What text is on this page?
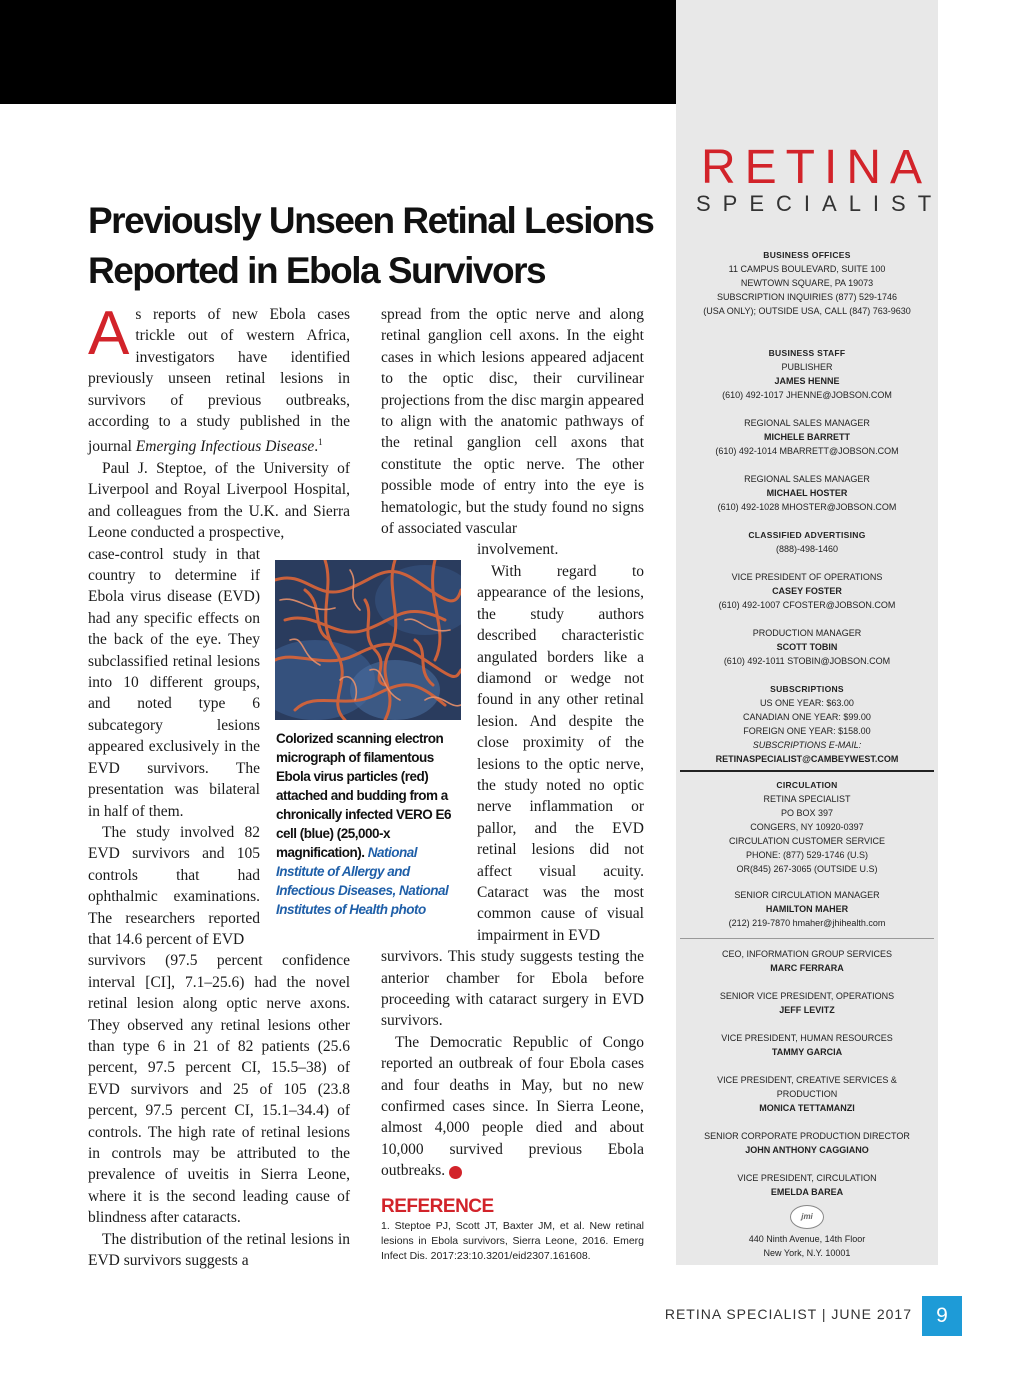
RETINA
SPECIALIST
BUSINESS OFFICES
11 CAMPUS BOULEVARD, SUITE 100
NEWTOWN SQUARE, PA 19073
SUBSCRIPTION INQUIRIES (877) 529-1746
(USA ONLY); OUTSIDE USA, CALL (847) 763-9630
BUSINESS STAFF
PUBLISHER
JAMES HENNE
(610) 492-1017 JHENNE@JOBSON.COM
REGIONAL SALES MANAGER
MICHELE BARRETT
(610) 492-1014 MBARRETT@JOBSON.COM
REGIONAL SALES MANAGER
MICHAEL HOSTER
(610) 492-1028 MHOSTER@JOBSON.COM
CLASSIFIED ADVERTISING
(888)-498-1460
VICE PRESIDENT OF OPERATIONS
CASEY FOSTER
(610) 492-1007 CFOSTER@JOBSON.COM
PRODUCTION MANAGER
SCOTT TOBIN
(610) 492-1011 STOBIN@JOBSON.COM
SUBSCRIPTIONS
US ONE YEAR: $63.00
CANADIAN ONE YEAR: $99.00
FOREIGN ONE YEAR: $158.00
SUBSCRIPTIONS E-MAIL:
RETINASPECIALIST@CAMBEYWEST.COM
CIRCULATION
RETINA SPECIALIST
PO BOX 397
CONGERS, NY 10920-0397
CIRCULATION CUSTOMER SERVICE
PHONE: (877) 529-1746 (U.S)
OR(845) 267-3065 (OUTSIDE U.S)
SENIOR CIRCULATION MANAGER
HAMILTON MAHER
(212) 219-7870 hmaher@jhihealth.com
CEO, INFORMATION GROUP SERVICES
MARC FERRARA
SENIOR VICE PRESIDENT, OPERATIONS
JEFF LEVITZ
VICE PRESIDENT, HUMAN RESOURCES
TAMMY GARCIA
VICE PRESIDENT, CREATIVE SERVICES & PRODUCTION
MONICA TETTAMANZI
SENIOR CORPORATE PRODUCTION DIRECTOR
JOHN ANTHONY CAGGIANO
VICE PRESIDENT, CIRCULATION
EMELDA BAREA
jmi
440 Ninth Avenue, 14th Floor
New York, N.Y. 10001
Previously Unseen Retinal Lesions
Reported in Ebola Survivors

As reports of new Ebola cases trickle out of western Africa, investigators have identified previously unseen retinal lesions in survivors of previous outbreaks, according to a study published in the journal Emerging Infectious Disease.$^1$

Paul J. Steptoe, of the University of Liverpool and Royal Liverpool Hospital, and colleagues from the U.K. and Sierra Leone conducted a prospective,

case-control study in that country to determine if Ebola virus disease (EVD) had any specific effects on the back of the eye. They subclassified retinal lesions into 10 different groups, and noted type 6 subcategory lesions appeared exclusively in the EVD survivors. The presentation was bilateral in half of them.

The study involved 82 EVD survivors and 105 controls that had ophthalmic examinations. The researchers reported that 14.6 percent of EVD

survivors (97.5 percent confidence interval [CI], 7.1–25.6) had the novel retinal lesion along optic nerve axons. They observed any retinal lesions other than type 6 in 21 of 82 patients (25.6 percent, 97.5 percent CI, 15.5–38) of EVD survivors and 25 of 105 (23.8 percent, 97.5 percent CI, 15.1–34.4) of controls. The high rate of retinal lesions in controls may be attributed to the prevalence of uveitis in Sierra Leone, where it is the second leading cause of blindness after cataracts.

The distribution of the retinal lesions in EVD survivors suggests a

spread from the optic nerve and along retinal ganglion cell axons. In the eight cases in which lesions appeared adjacent to the optic disc, their curvilinear projections from the disc margin appeared to align with the anatomic pathways of the retinal ganglion cell axons that constitute the optic nerve. The other possible mode of entry into the eye is hematologic, but the study found no signs of associated vascular

involvement.

With regard to appearance of the lesions, the study authors described characteristic angulated borders like a diamond or wedge not found in any other retinal lesion. And despite the close proximity of the lesions to the optic nerve, the study noted no optic nerve inflammation or pallor, and the EVD retinal lesions did not affect visual acuity. Cataract was the most common cause of visual impairment in EVD

survivors. This study suggests testing the anterior chamber for Ebola before proceeding with cataract surgery in EVD survivors.

The Democratic Republic of Congo reported an outbreak of four Ebola cases and four deaths in May, but no new confirmed cases since. In Sierra Leone, almost 4,000 people died and about 10,000 survived previous Ebola outbreaks.	RS

Colorized scanning electron micrograph of filamentous Ebola virus particles (red) attached and budding from a chronically infected VERO E6 cell (blue) (25,000-x magnification). National Institute of Allergy and Infectious Diseases, National Institutes of Health photo
REFERENCE
1. Steptoe PJ, Scott JT, Baxter JM, et al. New retinal lesions in Ebola survivors, Sierra Leone, 2016. Emerg Infect Dis. 2017:23:10.3201/eid2307.161608.
RETINA SPECIALIST | JUNE 2017	9
